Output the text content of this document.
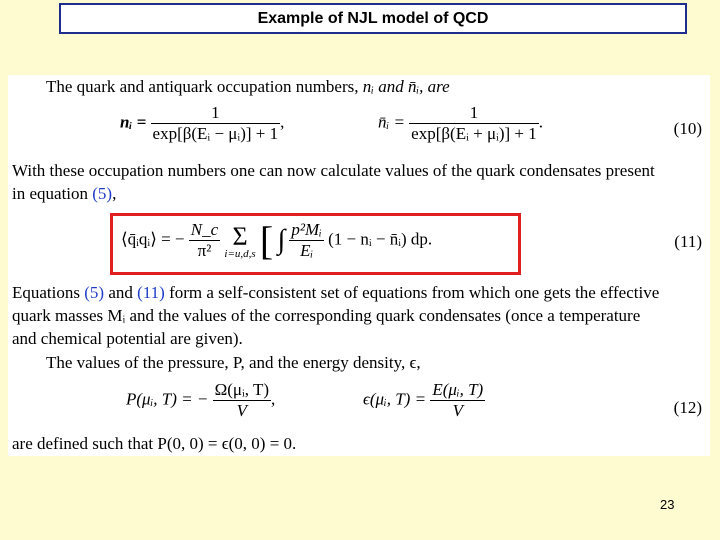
Example of NJL model of QCD
The quark and antiquark occupation numbers, nᵢ and n̄ᵢ, are
nᵢ = $\frac{1}{\text{exp[β(Eᵢ − μᵢ)] + 1}}$ ,	n̄ᵢ = $\frac{1}{\text{exp[β(Eᵢ + μᵢ)] + 1}}$ .	(10)
With these occupation numbers one can now calculate values of the quark condensates present
in equation (5),
⟨q̄ᵢqᵢ⟩ = − $\frac{N\_c}{\text{π²}}$ Σ
i=u,d,s [ ∫ $\frac{\text{p²Mᵢ}}{\text{Eᵢ}} (1$ − nᵢ − n̄ᵢ) dp.	(11)
Equations (5) and (11) form a self-consistent set of equations from which one gets the effective
quark masses Mᵢ and the values of the corresponding quark condensates (once a temperature
and chemical potential are given).
The values of the pressure, P, and the energy density, ϵ,
P(μᵢ, T) = − $\frac{\text{Ω(μᵢ, T)}}{V}$ ,	ϵ(μᵢ, $T) = \frac{\text{E(μᵢ, T)}}{V}$	(12)
are defined such that P(0, 0) = ϵ(0, 0) = 0.
23
